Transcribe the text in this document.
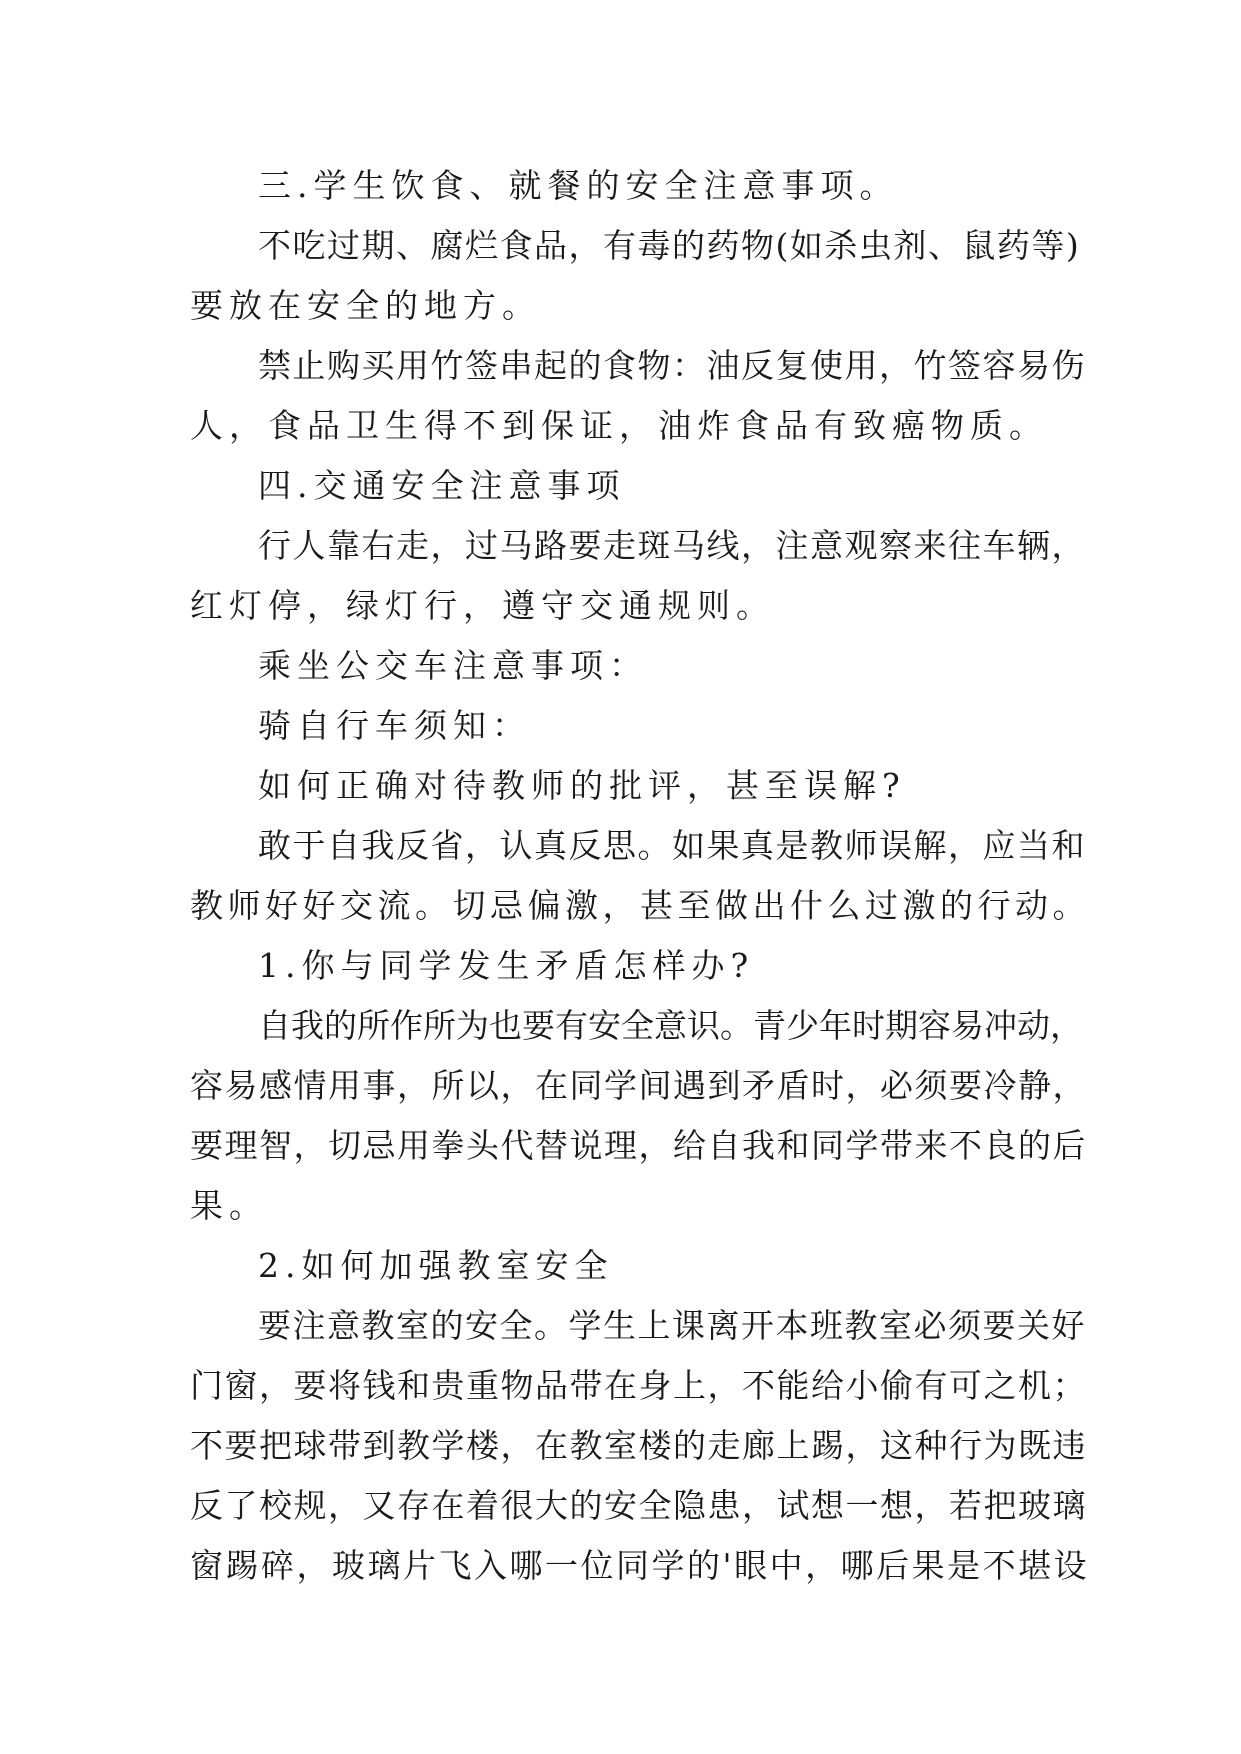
三.学生饮食、就餐的安全注意事项。
不吃过期、腐烂食品，有毒的药物(如杀虫剂、鼠药等)
要放在安全的地方。
禁止购买用竹签串起的食物：油反复使用，竹签容易伤
人，食品卫生得不到保证，油炸食品有致癌物质。
四.交通安全注意事项
行人靠右走，过马路要走斑马线，注意观察来往车辆，
红灯停，绿灯行，遵守交通规则。
乘坐公交车注意事项：
骑自行车须知：
如何正确对待教师的批评，甚至误解?
敢于自我反省，认真反思。如果真是教师误解，应当和
教师好好交流。切忌偏激，甚至做出什么过激的行动。
1.你与同学发生矛盾怎样办?
自我的所作所为也要有安全意识。青少年时期容易冲动，
容易感情用事，所以，在同学间遇到矛盾时，必须要冷静，
要理智，切忌用拳头代替说理，给自我和同学带来不良的后
果。
2.如何加强教室安全
要注意教室的安全。学生上课离开本班教室必须要关好
门窗，要将钱和贵重物品带在身上，不能给小偷有可之机；
不要把球带到教学楼，在教室楼的走廊上踢，这种行为既违
反了校规，又存在着很大的安全隐患，试想一想，若把玻璃
窗踢碎，玻璃片飞入哪一位同学的'眼中，哪后果是不堪设
